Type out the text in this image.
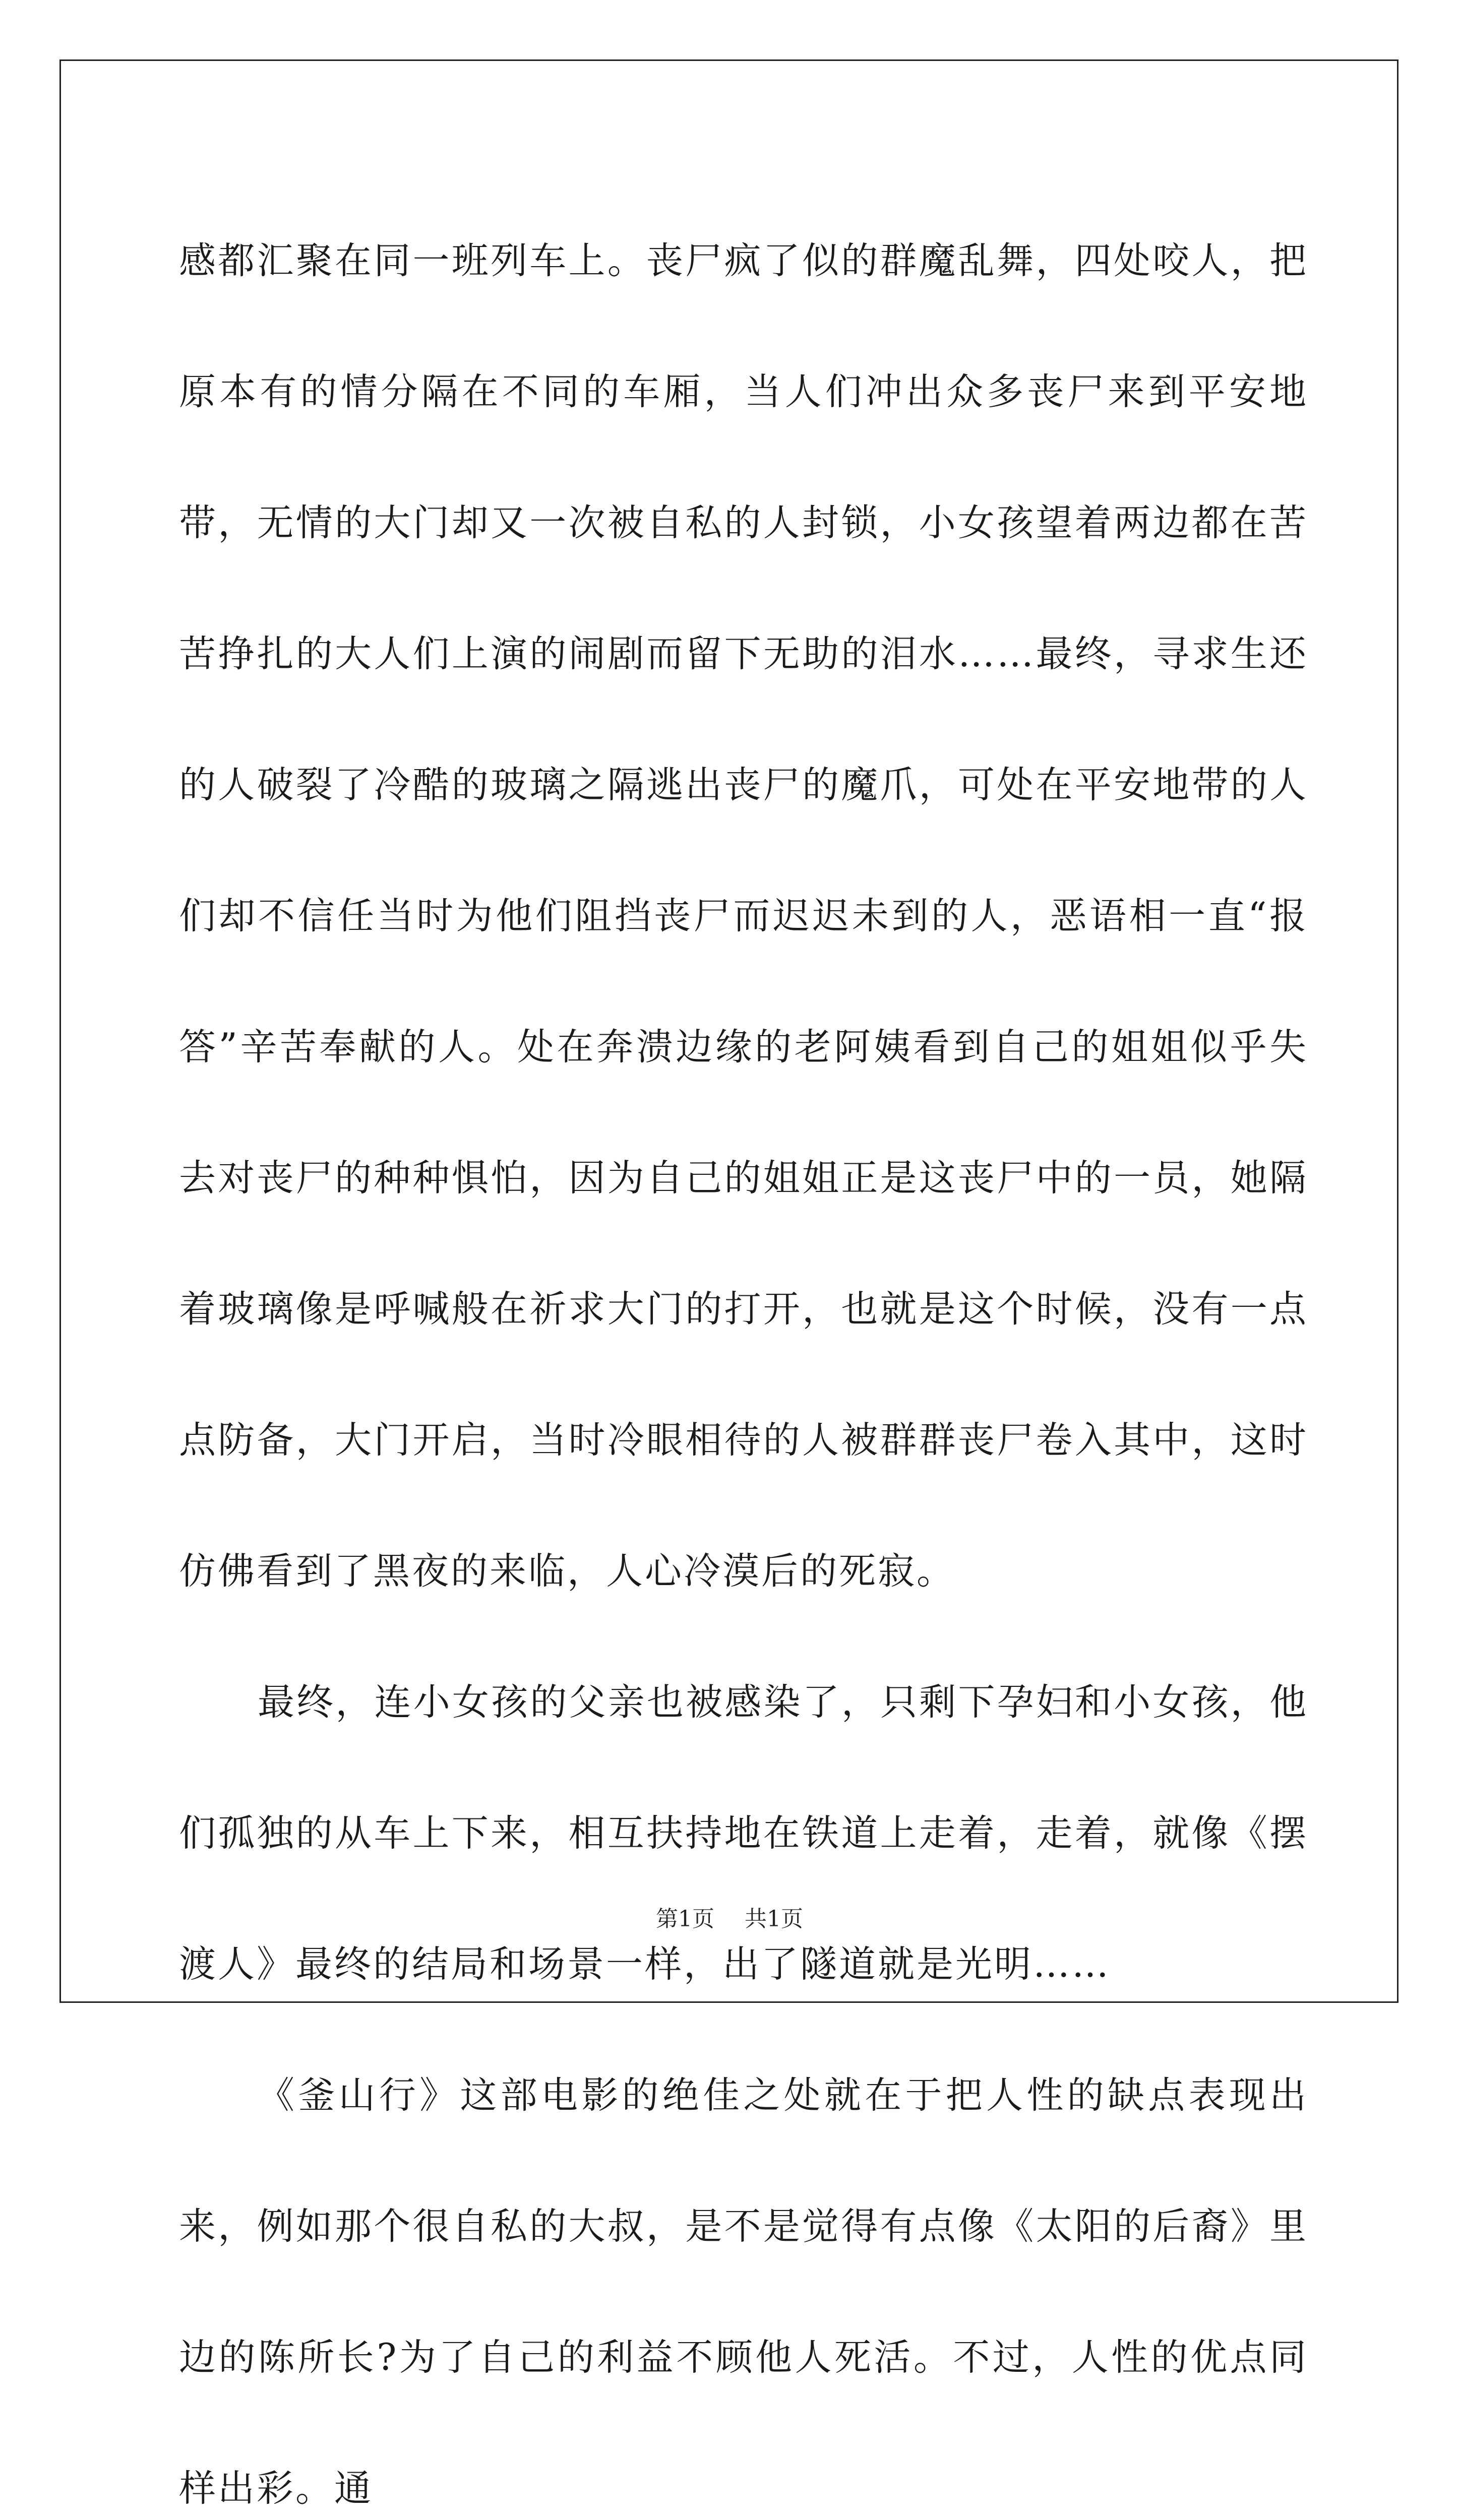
感都汇聚在同一班列车上。丧尸疯了似的群魔乱舞，四处咬人，把原本有的情分隔在不同的车厢，当人们冲出众多丧尸来到平安地带，无情的大门却又一次被自私的人封锁，小女孩望着两边都在苦苦挣扎的大人们上演的闹剧而留下无助的泪水……最终，寻求生还的人破裂了冷酷的玻璃之隔逃出丧尸的魔爪，可处在平安地带的人们却不信任当时为他们阻挡丧尸而迟迟未到的人，恶语相一直“报答”辛苦奉献的人。处在奔溃边缘的老阿姨看到自己的姐姐似乎失去对丧尸的种种惧怕，因为自己的姐姐正是这丧尸中的一员，她隔着玻璃像是呼喊般在祈求大门的打开，也就是这个时候，没有一点点防备，大门开启，当时冷眼相待的人被群群丧尸卷入其中，这时仿佛看到了黑夜的来临，人心冷漠后的死寂。

最终，连小女孩的父亲也被感染了，只剩下孕妇和小女孩，他们孤独的从车上下来，相互扶持地在铁道上走着，走着，就像《摆渡人》最终的结局和场景一样，出了隧道就是光明……

《釜山行》这部电影的绝佳之处就在于把人性的缺点表现出来，例如那个很自私的大叔，是不是觉得有点像《太阳的后裔》里边的陈所长?为了自己的利益不顾他人死活。不过，人性的优点同样出彩。通

第1页 共1页
